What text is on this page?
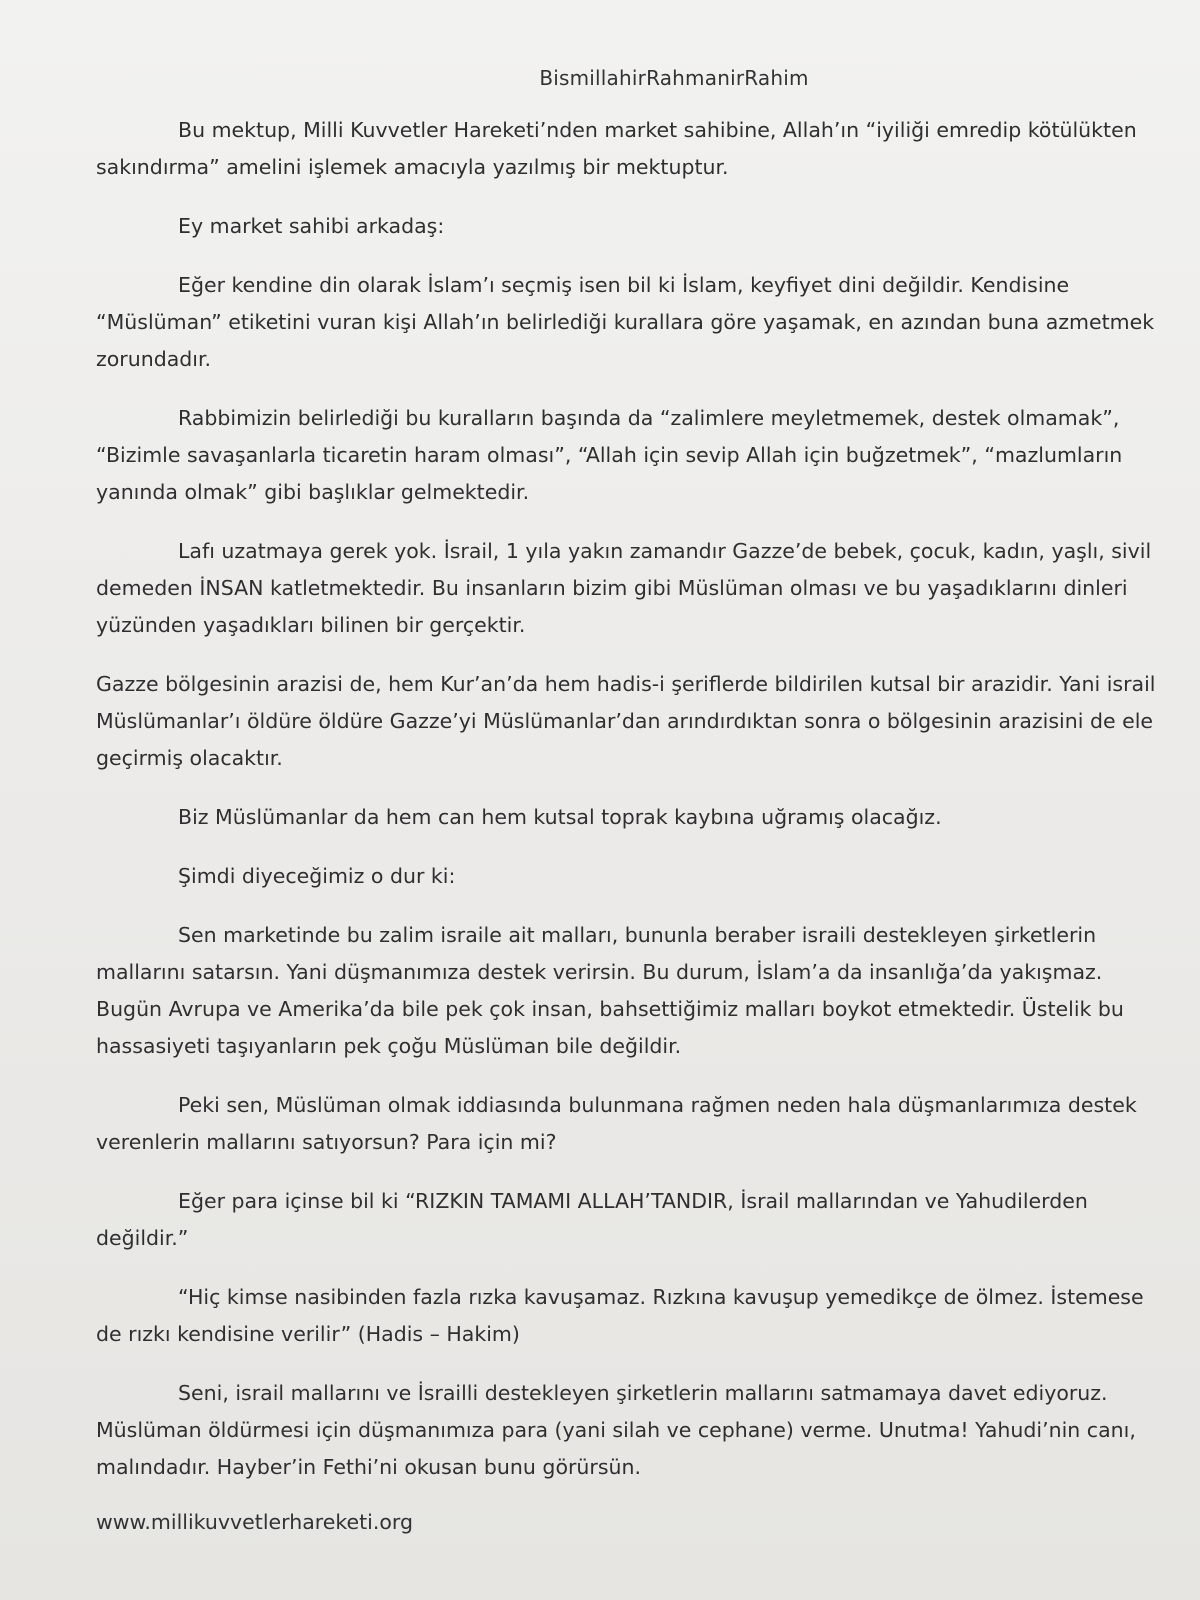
BismillahirRahmanirRahim

Bu mektup, Milli Kuvvetler Hareketi’nden market sahibine, Allah’ın “iyiliği emredip kötülükten sakındırma” amelini işlemek amacıyla yazılmış bir mektuptur.

Ey market sahibi arkadaş:

Eğer kendine din olarak İslam’ı seçmiş isen bil ki İslam, keyfiyet dini değildir. Kendisine “Müslüman” etiketini vuran kişi Allah’ın belirlediği kurallara göre yaşamak, en azından buna azmetmek zorundadır.

Rabbimizin belirlediği bu kuralların başında da “zalimlere meyletmemek, destek olmamak”, “Bizimle savaşanlarla ticaretin haram olması”, “Allah için sevip Allah için buğzetmek”, “mazlumların yanında olmak” gibi başlıklar gelmektedir.

Lafı uzatmaya gerek yok. İsrail, 1 yıla yakın zamandır Gazze’de bebek, çocuk, kadın, yaşlı, sivil demeden İNSAN katletmektedir. Bu insanların bizim gibi Müslüman olması ve bu yaşadıklarını dinleri yüzünden yaşadıkları bilinen bir gerçektir.

Gazze bölgesinin arazisi de, hem Kur’an’da hem hadis-i şeriflerde bildirilen kutsal bir arazidir. Yani israil Müslümanlar’ı öldüre öldüre Gazze’yi Müslümanlar’dan arındırdıktan sonra o bölgesinin arazisini de ele geçirmiş olacaktır.

Biz Müslümanlar da hem can hem kutsal toprak kaybına uğramış olacağız.

Şimdi diyeceğimiz o dur ki:

Sen marketinde bu zalim israile ait malları, bununla beraber israili destekleyen şirketlerin mallarını satarsın. Yani düşmanımıza destek verirsin. Bu durum, İslam’a da insanlığa’da yakışmaz. Bugün Avrupa ve Amerika’da bile pek çok insan, bahsettiğimiz malları boykot etmektedir. Üstelik bu hassasiyeti taşıyanların pek çoğu Müslüman bile değildir.

Peki sen, Müslüman olmak iddiasında bulunmana rağmen neden hala düşmanlarımıza destek verenlerin mallarını satıyorsun? Para için mi?

Eğer para içinse bil ki “RIZKIN TAMAMI ALLAH’TANDIR, İsrail mallarından ve Yahudilerden değildir.”

“Hiç kimse nasibinden fazla rızka kavuşamaz. Rızkına kavuşup yemedikçe de ölmez. İstemese de rızkı kendisine verilir” (Hadis – Hakim)

Seni, israil mallarını ve İsrailli destekleyen şirketlerin mallarını satmamaya davet ediyoruz. Müslüman öldürmesi için düşmanımıza para (yani silah ve cephane) verme. Unutma! Yahudi’nin canı, malındadır. Hayber’in Fethi’ni okusan bunu görürsün.

www.millikuvvetlerhareketi.org
